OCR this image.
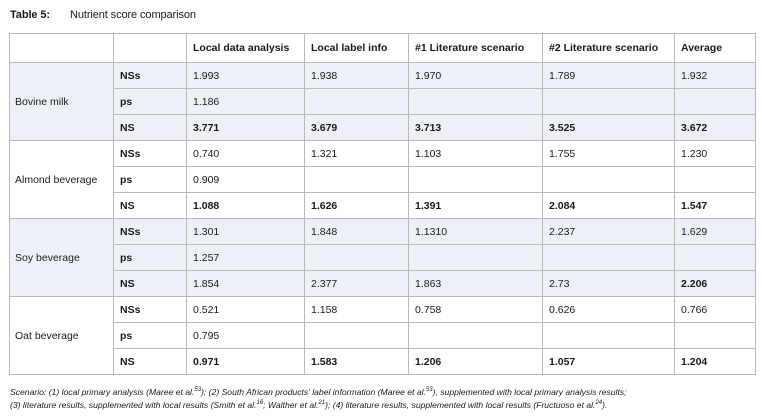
Table 5: Nutrient score comparison
		Local data analysis	Local label info	#1 Literature scenario	#2 Literature scenario	Average
Bovine milk	NSs	1.993	1.938	1.970	1.789	1.932
	ps	1.186				
	NS	3.771	3.679	3.713	3.525	3.672
Almond beverage	NSs	0.740	1.321	1.103	1.755	1.230
	ps	0.909				
	NS	1.088	1.626	1.391	2.084	1.547
Soy beverage	NSs	1.301	1.848	1.1310	2.237	1.629
	ps	1.257				
	NS	1.854	2.377	1.863	2.73	2.206
Oat beverage	NSs	0.521	1.158	0.758	0.626	0.766
	ps	0.795				
	NS	0.971	1.583	1.206	1.057	1.204
Scenario: (1) local primary analysis (Maree et al.$^{53}$); (2) South African products' label information (Maree et al.$^{53}$), supplemented with local primary analysis results;
(3) literature results, supplemented with local results (Smith et al.$^{16}$; Walther et al.$^{21}$); (4) literature results, supplemented with local results (Fructuoso et al.$^{24}$).
